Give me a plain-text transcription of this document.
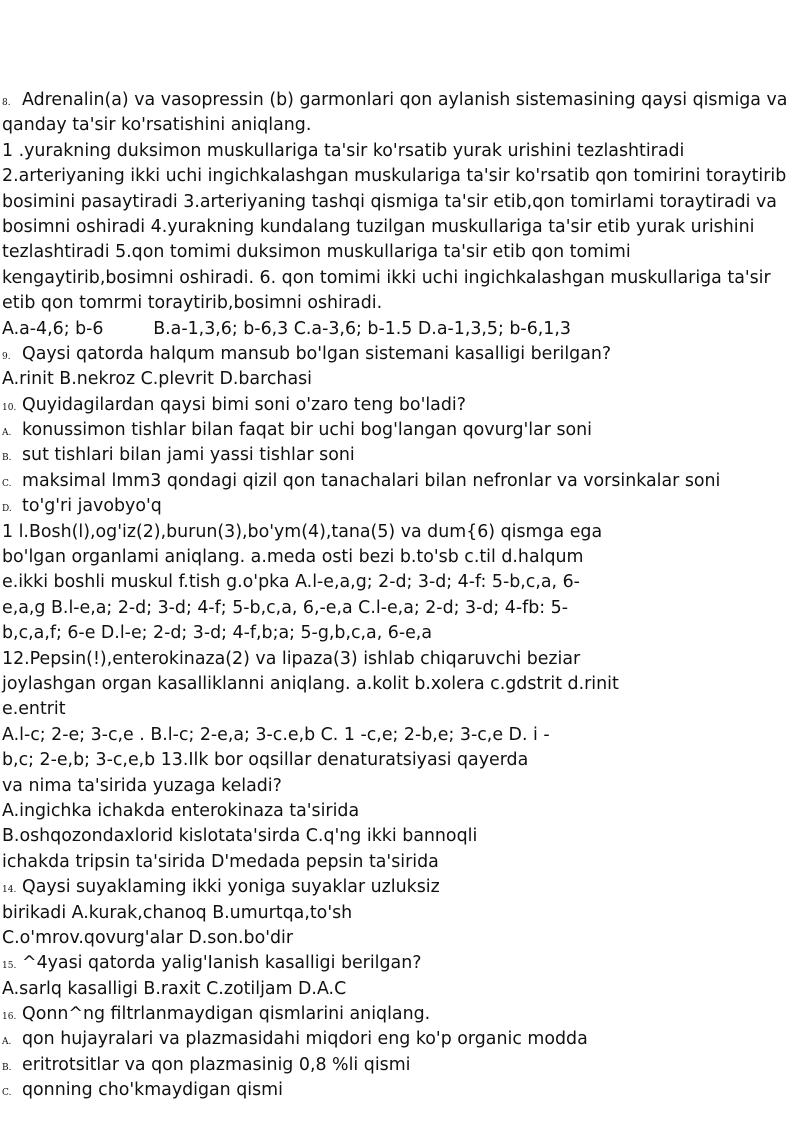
8. Adrenalin(a) va vasopressin (b) garmonlari qon aylanish sistemasining qaysi qismiga va
qanday ta'sir ko'rsatishini aniqlang.
1 .yurakning duksimon muskullariga ta'sir ko'rsatib yurak urishini tezlashtiradi
2.arteriyaning ikki uchi ingichkalashgan muskulariga ta'sir ko'rsatib qon tomirini toraytirib
bosimini pasaytiradi 3.arteriyaning tashqi qismiga ta'sir etib,qon tomirlami toraytiradi va
bosimni oshiradi 4.yurakning kundalang tuzilgan muskullariga ta'sir etib yurak urishini
tezlashtiradi 5.qon tomimi duksimon muskullariga ta'sir etib qon tomimi
kengaytirib,bosimni oshiradi. 6. qon tomimi ikki uchi ingichkalashgan muskullariga ta'sir
etib qon tomrmi toraytirib,bosimni oshiradi.
A.a-4,6; b-6         B.a-1,3,6; b-6,3 C.a-3,6; b-1.5 D.a-1,3,5; b-6,1,3
9. Qaysi qatorda halqum mansub bo'lgan sistemani kasalligi berilgan?
A.rinit B.nekroz C.plevrit D.barchasi
10. Quyidagilardan qaysi bimi soni o'zaro teng bo'ladi?
A. konussimon tishlar bilan faqat bir uchi bog'langan qovurg'lar soni
B. sut tishlari bilan jami yassi tishlar soni
C. maksimal lmm3 qondagi qizil qon tanachalari bilan nefronlar va vorsinkalar soni
D. to'g'ri javobyo'q
1 l.Bosh(l),og'iz(2),burun(3),bo'ym(4),tana(5) va dum{6) qismga ega
bo'lgan organlami aniqlang. a.meda osti bezi b.to'sb c.til d.halqum
e.ikki boshli muskul f.tish g.o'pka A.l-e,a,g; 2-d; 3-d; 4-f: 5-b,c,a, 6-
e,a,g B.l-e,a; 2-d; 3-d; 4-f; 5-b,c,a, 6,-e,a C.l-e,a; 2-d; 3-d; 4-fb: 5-
b,c,a,f; 6-e D.l-e; 2-d; 3-d; 4-f,b;a; 5-g,b,c,a, 6-e,a
12.Pepsin(!),enterokinaza(2) va lipaza(3) ishlab chiqaruvchi beziar
joylashgan organ kasalliklanni aniqlang. a.kolit b.xolera c.gdstrit d.rinit
e.entrit
A.l-c; 2-e; 3-c,e . B.l-c; 2-e,a; 3-c.e,b C. 1 -c,e; 2-b,e; 3-c,e D. i -
b,c; 2-e,b; 3-c,e,b 13.Ilk bor oqsillar denaturatsiyasi qayerda
va nima ta'sirida yuzaga keladi?
A.ingichka ichakda enterokinaza ta'sirida
B.oshqozondaxlorid kislotata'sirda C.q'ng ikki bannoqli
ichakda tripsin ta'sirida D'medada pepsin ta'sirida
14. Qaysi suyaklaming ikki yoniga suyaklar uzluksiz
birikadi A.kurak,chanoq B.umurtqa,to'sh
C.o'mrov.qovurg'alar D.son.bo'dir
15. ^4yasi qatorda yalig'Ianish kasalligi berilgan?
A.sarlq kasalligi B.raxit C.zotiljam D.A.C
16. Qonn^ng filtrlanmaydigan qismlarini aniqlang.
A. qon hujayralari va plazmasidahi miqdori eng ko'p organic modda
B. eritrotsitlar va qon plazmasinig 0,8 %li qismi
C. qonning cho'kmaydigan qismi
